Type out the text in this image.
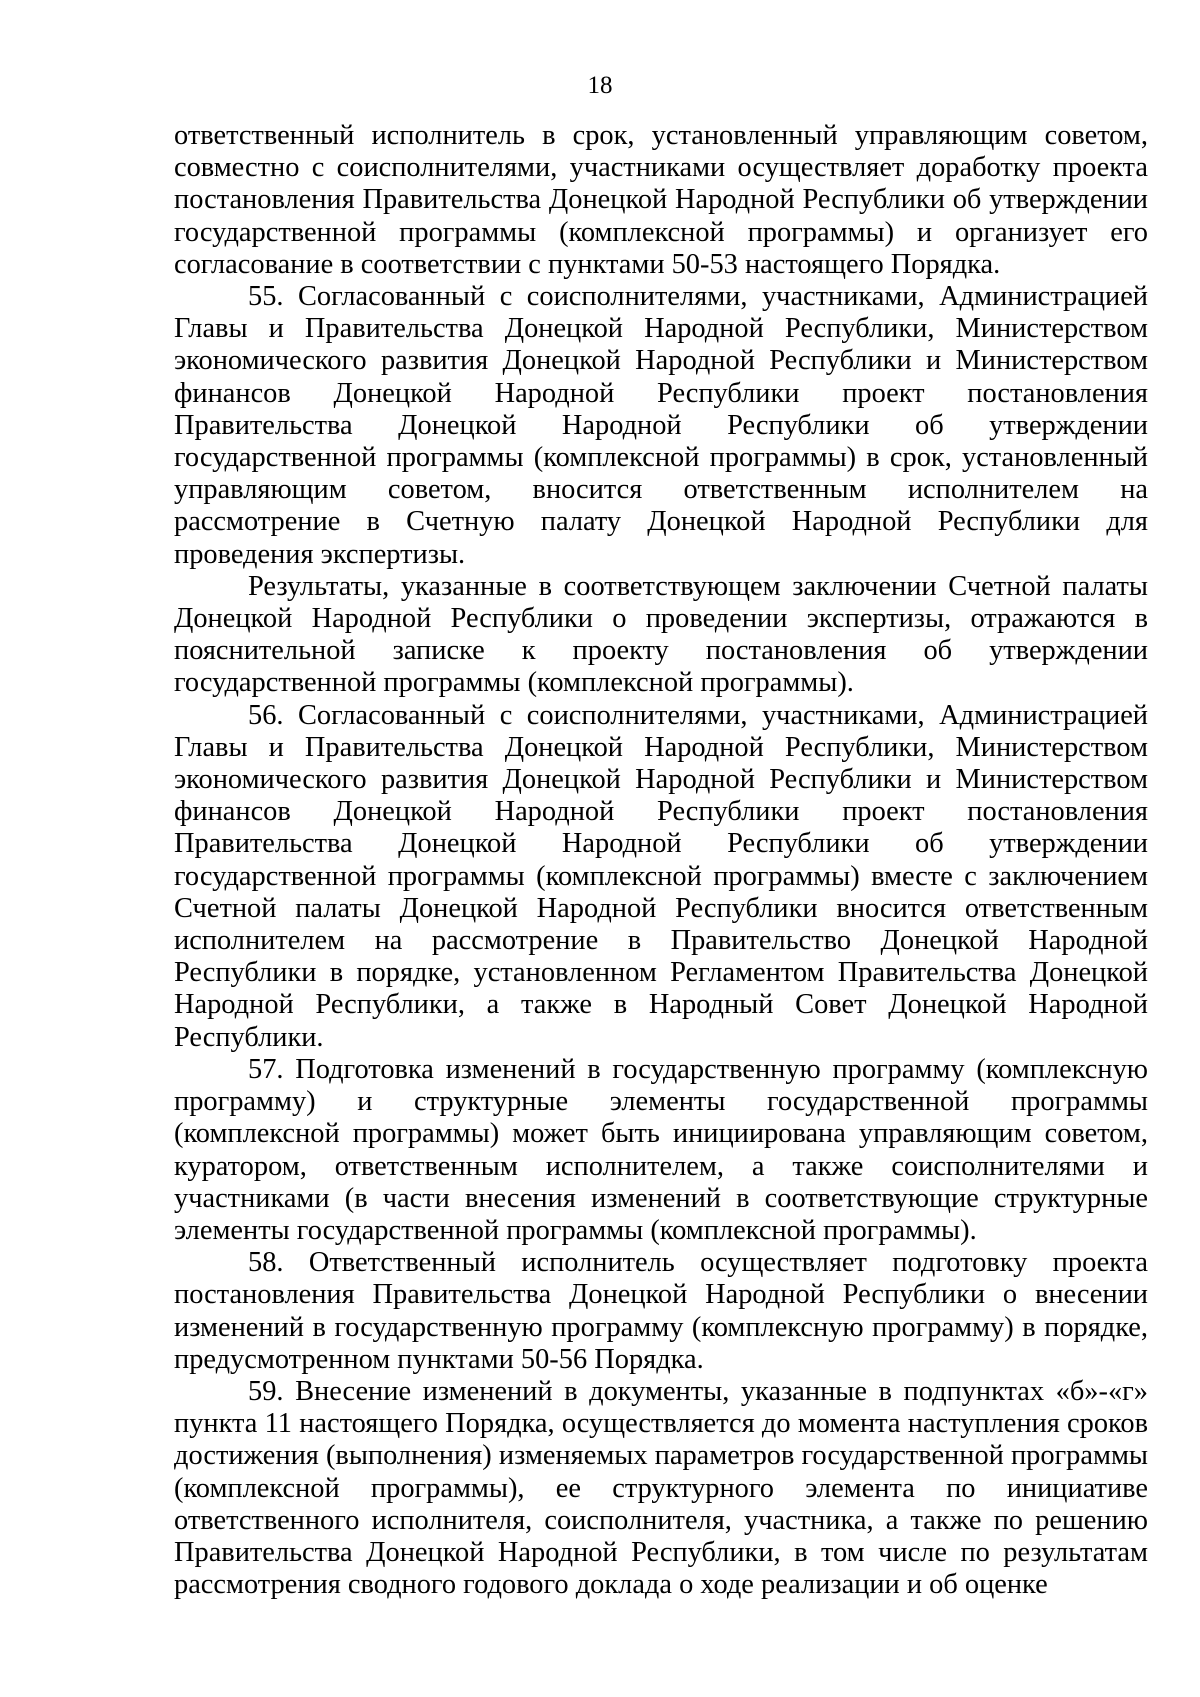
18

ответственный исполнитель в срок, установленный управляющим советом, совместно с соисполнителями, участниками осуществляет доработку проекта постановления Правительства Донецкой Народной Республики об утверждении государственной программы (комплексной программы) и организует его согласование в соответствии с пунктами 50-53 настоящего Порядка.

55. Согласованный с соисполнителями, участниками, Администрацией Главы и Правительства Донецкой Народной Республики, Министерством экономического развития Донецкой Народной Республики и Министерством финансов Донецкой Народной Республики проект постановления Правительства Донецкой Народной Республики об утверждении государственной программы (комплексной программы) в срок, установленный управляющим советом, вносится ответственным исполнителем на рассмотрение в Счетную палату Донецкой Народной Республики для проведения экспертизы.

Результаты, указанные в соответствующем заключении Счетной палаты Донецкой Народной Республики о проведении экспертизы, отражаются в пояснительной записке к проекту постановления об утверждении государственной программы (комплексной программы).

56. Согласованный с соисполнителями, участниками, Администрацией Главы и Правительства Донецкой Народной Республики, Министерством экономического развития Донецкой Народной Республики и Министерством финансов Донецкой Народной Республики проект постановления Правительства Донецкой Народной Республики об утверждении государственной программы (комплексной программы) вместе с заключением Счетной палаты Донецкой Народной Республики вносится ответственным исполнителем на рассмотрение в Правительство Донецкой Народной Республики в порядке, установленном Регламентом Правительства Донецкой Народной Республики, а также в Народный Совет Донецкой Народной Республики.

57. Подготовка изменений в государственную программу (комплексную программу) и структурные элементы государственной программы (комплексной программы) может быть инициирована управляющим советом, куратором, ответственным исполнителем, а также соисполнителями и участниками (в части внесения изменений в соответствующие структурные элементы государственной программы (комплексной программы).

58. Ответственный исполнитель осуществляет подготовку проекта постановления Правительства Донецкой Народной Республики о внесении изменений в государственную программу (комплексную программу) в порядке, предусмотренном пунктами 50-56 Порядка.

59. Внесение изменений в документы, указанные в подпунктах «б»-«г» пункта 11 настоящего Порядка, осуществляется до момента наступления сроков достижения (выполнения) изменяемых параметров государственной программы (комплексной программы), ее структурного элемента по инициативе ответственного исполнителя, соисполнителя, участника, а также по решению Правительства Донецкой Народной Республики, в том числе по результатам рассмотрения сводного годового доклада о ходе реализации и об оценке
